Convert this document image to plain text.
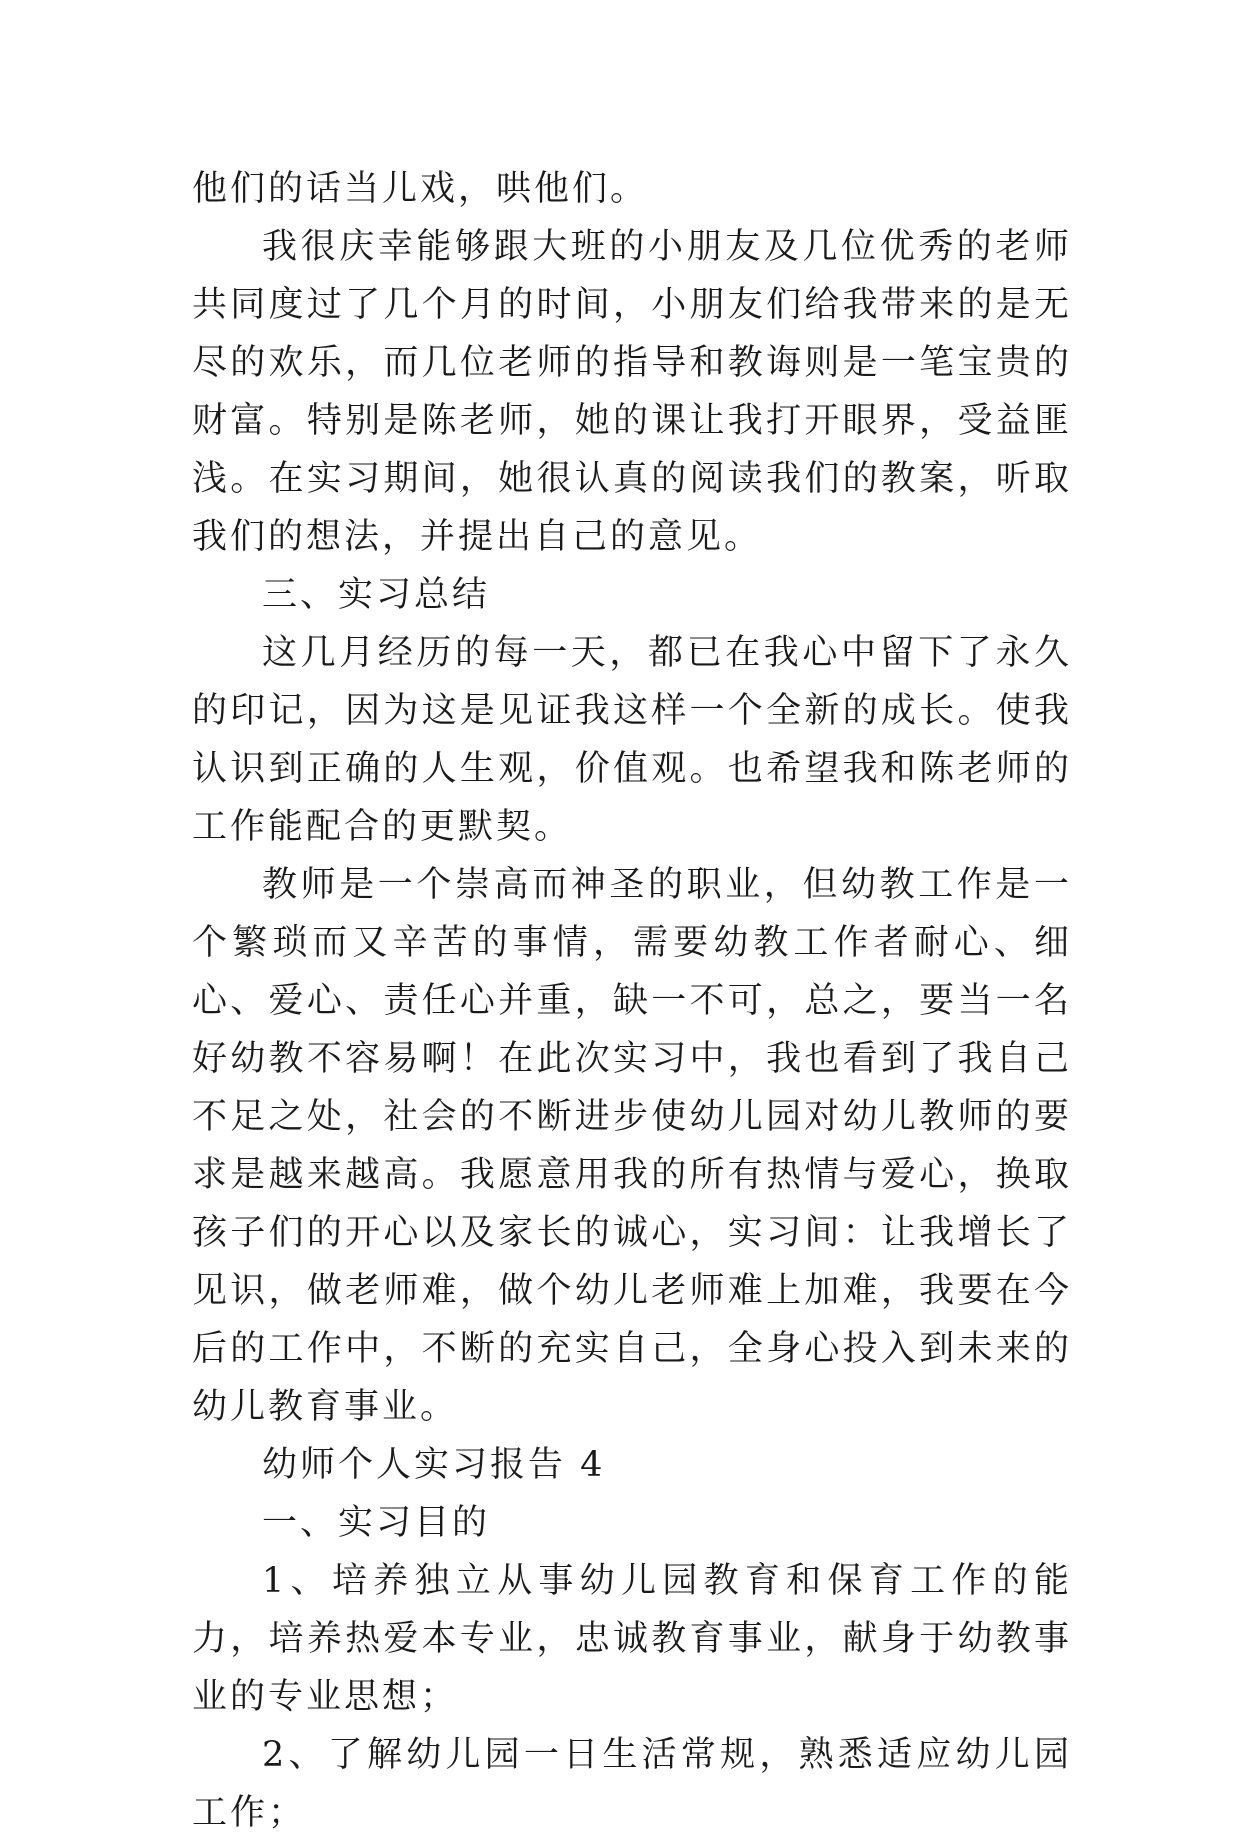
他们的话当儿戏，哄他们。

我很庆幸能够跟大班的小朋友及几位优秀的老师共同度过了几个月的时间，小朋友们给我带来的是无尽的欢乐，而几位老师的指导和教诲则是一笔宝贵的财富。特别是陈老师，她的课让我打开眼界，受益匪浅。在实习期间，她很认真的阅读我们的教案，听取我们的想法，并提出自己的意见。

三、实习总结

这几月经历的每一天，都已在我心中留下了永久的印记，因为这是见证我这样一个全新的成长。使我认识到正确的人生观，价值观。也希望我和陈老师的工作能配合的更默契。

教师是一个崇高而神圣的职业，但幼教工作是一个繁琐而又辛苦的事情，需要幼教工作者耐心、细心、爱心、责任心并重，缺一不可，总之，要当一名好幼教不容易啊！在此次实习中，我也看到了我自己不足之处，社会的不断进步使幼儿园对幼儿教师的要求是越来越高。我愿意用我的所有热情与爱心，换取孩子们的开心以及家长的诚心，实习间：让我增长了见识，做老师难，做个幼儿老师难上加难，我要在今后的工作中，不断的充实自己，全身心投入到未来的幼儿教育事业。

幼师个人实习报告 4

一、实习目的

1、培养独立从事幼儿园教育和保育工作的能力，培养热爱本专业，忠诚教育事业，献身于幼教事业的专业思想；

2、了解幼儿园一日生活常规，熟悉适应幼儿园工作；
